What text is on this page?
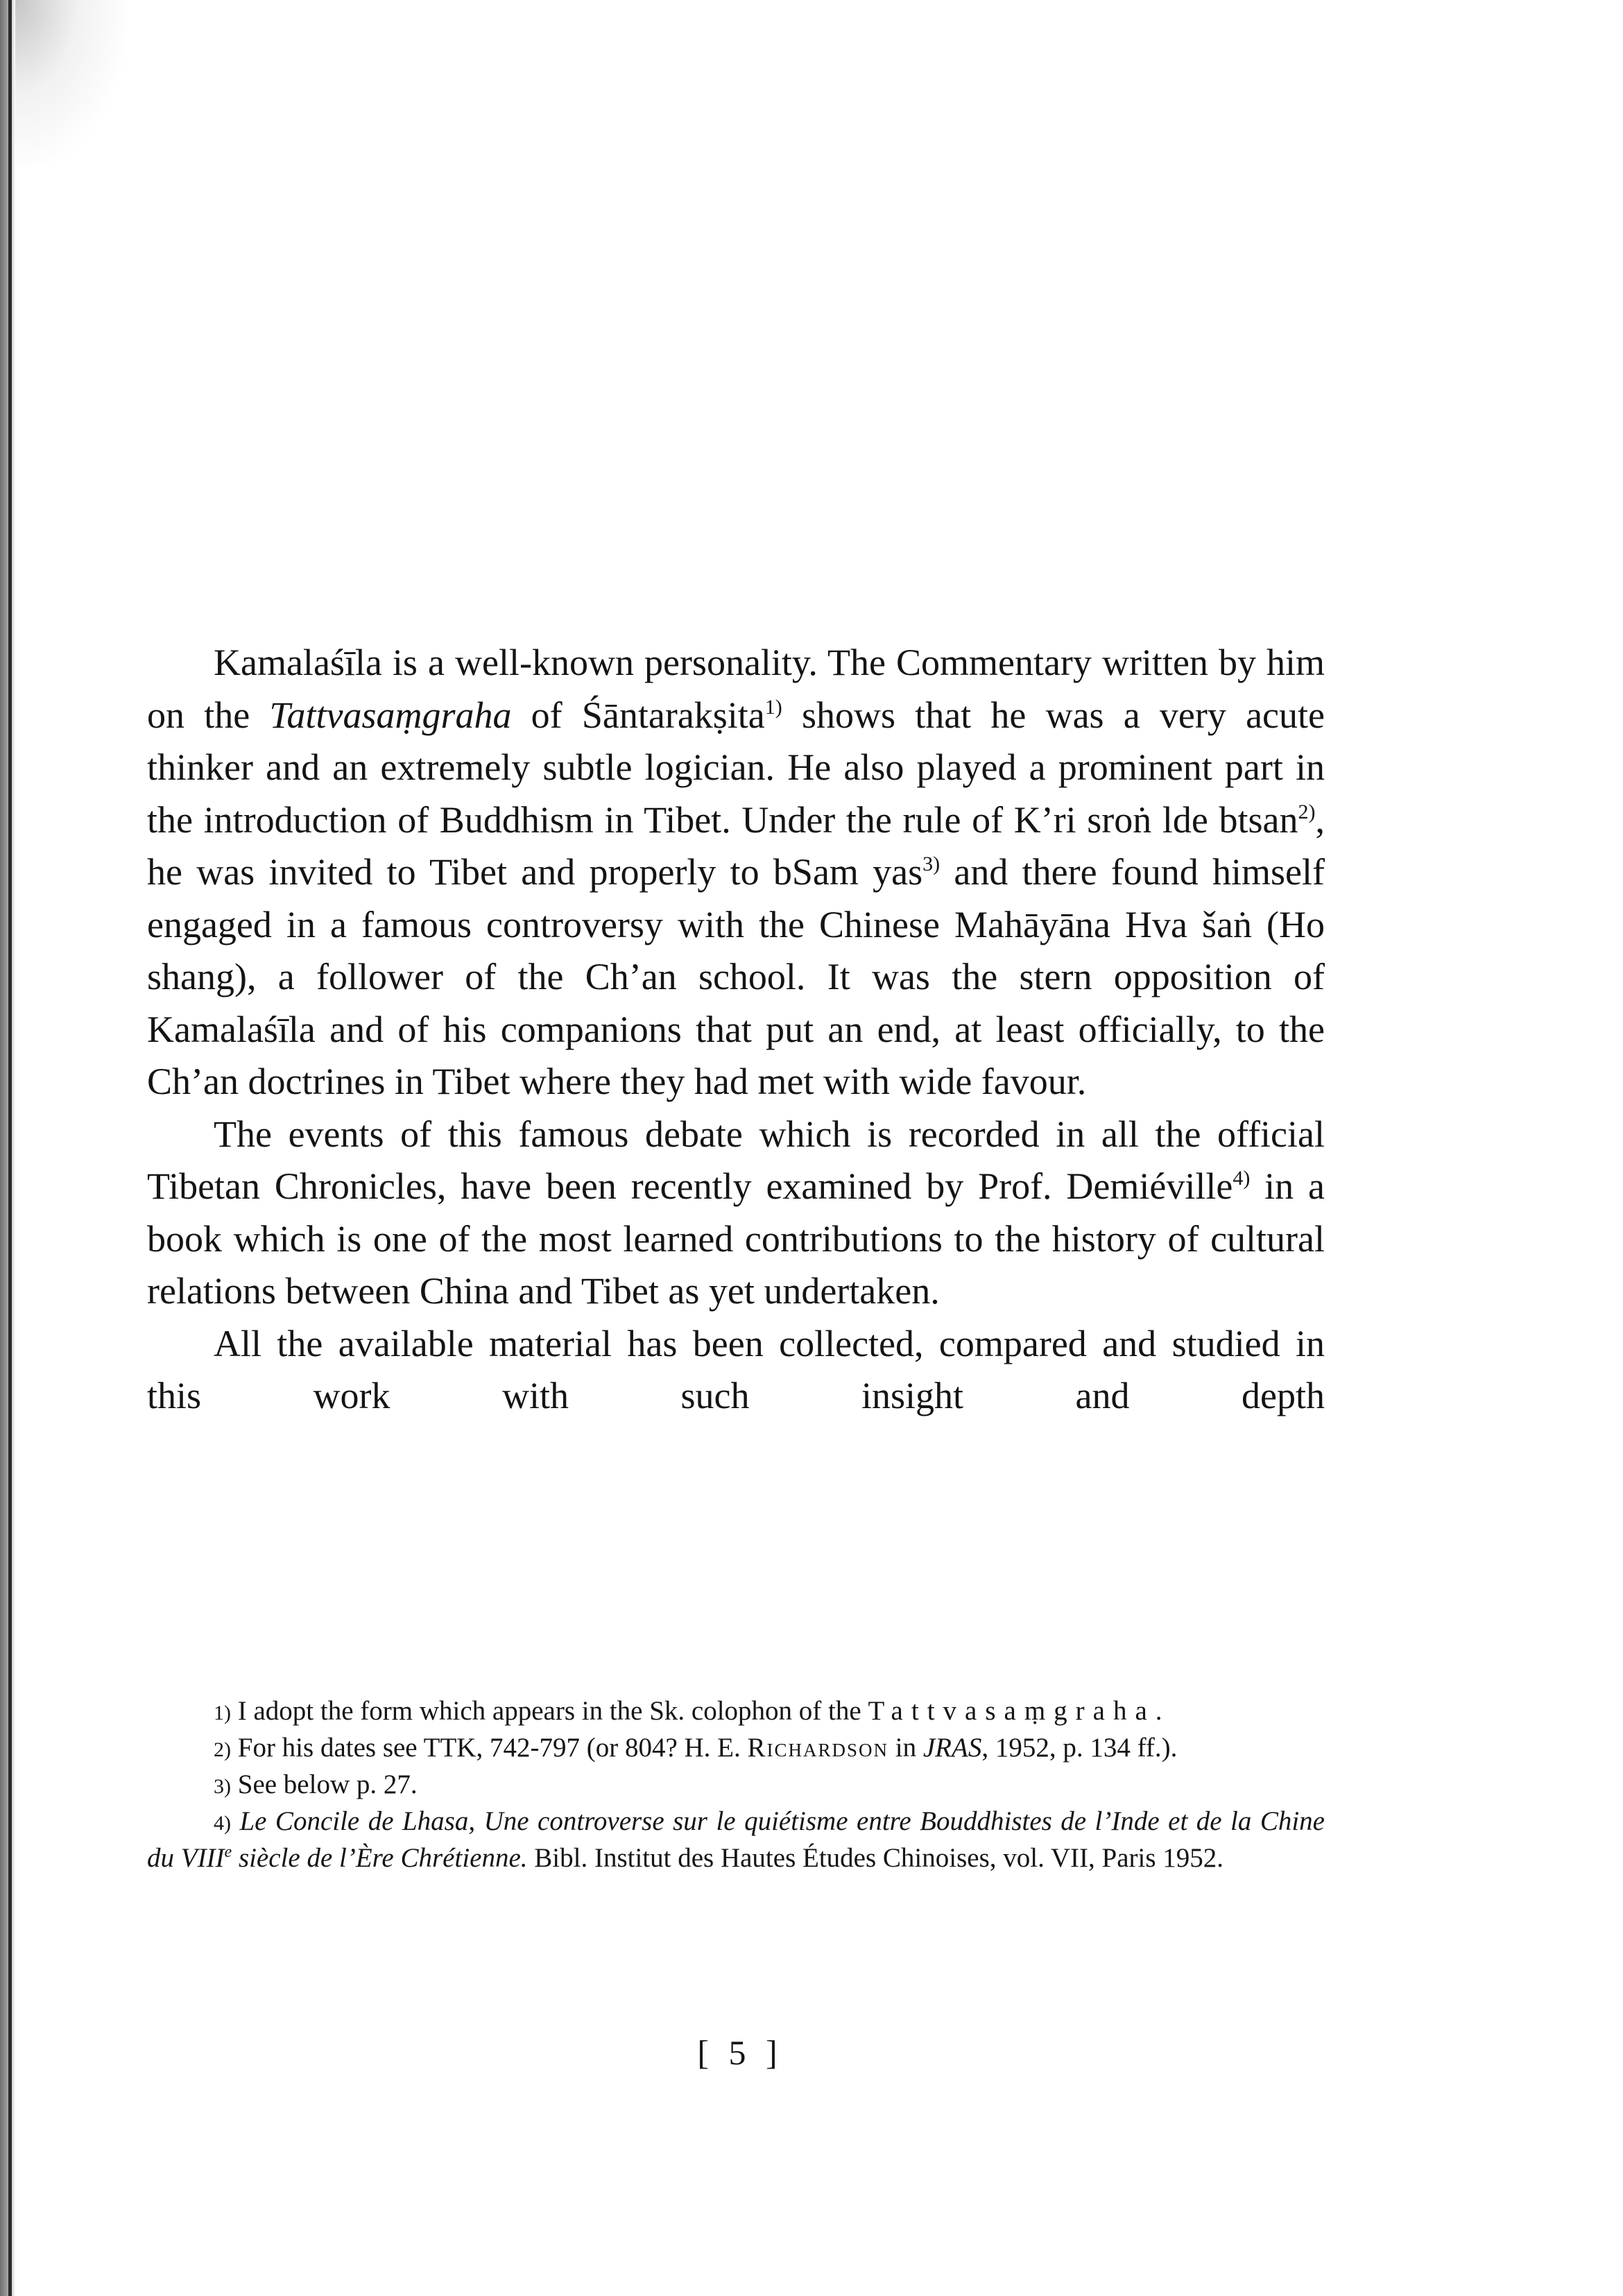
Kamalaśīla is a well-known personality. The Commentary written by him on the Tattvasaṃgraha of Śāntarakṣita$^{1)}$ shows that he was a very acute thinker and an extremely subtle logician. He also played a prominent part in the introduction of Buddhism in Tibet. Under the rule of K’ri sroṅ lde btsan$^{2)}$, he was invited to Tibet and properly to bSam yas$^{3)}$ and there found himself engaged in a famous controversy with the Chinese Mahāyāna Hva šaṅ (Ho shang), a follower of the Ch’an school. It was the stern opposition of Kamalaśīla and of his companions that put an end, at least officially, to the Ch’an doctrines in Tibet where they had met with wide favour.

The events of this famous debate which is recorded in all the official Tibetan Chronicles, have been recently examined by Prof. Demiéville$^{4)}$ in a book which is one of the most learned contributions to the history of cultural relations between China and Tibet as yet undertaken.

All the available material has been collected, compared and studied in this work with such insight and depth

1) I adopt the form which appears in the Sk. colophon of the Tattvasaṃgraha.

2) For his dates see TTK, 742-797 (or 804? H. E. Richardson in JRAS, 1952, p. 134 ff.).

3) See below p. 27.

4) Le Concile de Lhasa, Une controverse sur le quiétisme entre Bouddhistes de l’Inde et de la Chine du VIIIe siècle de l’Ère Chrétienne. Bibl. Institut des Hautes Études Chinoises, vol. VII, Paris 1952.

[ 5 ]
